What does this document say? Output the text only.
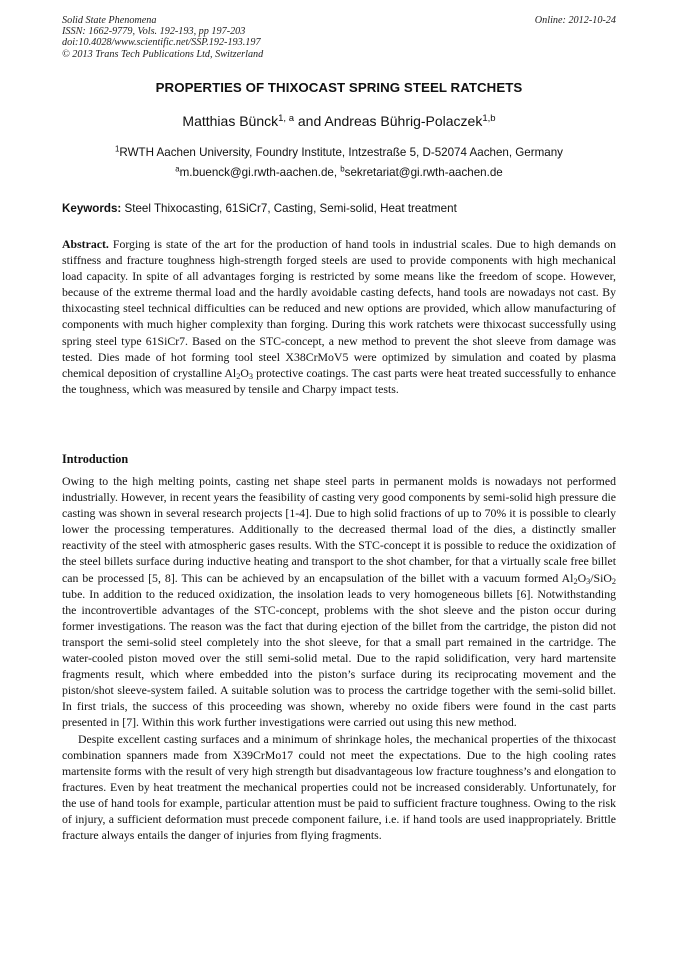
Solid State Phenomena
ISSN: 1662-9779, Vols. 192-193, pp 197-203
doi:10.4028/www.scientific.net/SSP.192-193.197
© 2013 Trans Tech Publications Ltd, Switzerland
Online: 2012-10-24
PROPERTIES OF THIXOCAST SPRING STEEL RATCHETS
Matthias Bünck$^{1, a}$ and Andreas Bührig-Polaczek$^{1,b}$
$^1$RWTH Aachen University, Foundry Institute, Intzestraße 5, D-52074 Aachen, Germany
$^a$m.buenck@gi.rwth-aachen.de, $^b$sekretariat@gi.rwth-aachen.de
Keywords: Steel Thixocasting, 61SiCr7, Casting, Semi-solid, Heat treatment
Abstract. Forging is state of the art for the production of hand tools in industrial scales. Due to high demands on stiffness and fracture toughness high-strength forged steels are used to provide components with high mechanical load capacity. In spite of all advantages forging is restricted by some means like the freedom of scope. However, because of the extreme thermal load and the hardly avoidable casting defects, hand tools are nowadays not cast. By thixocasting steel technical difficulties can be reduced and new options are provided, which allow manufacturing of components with much higher complexity than forging. During this work ratchets were thixocast successfully using spring steel type 61SiCr7. Based on the STC-concept, a new method to prevent the shot sleeve from damage was tested. Dies made of hot forming tool steel X38CrMoV5 were optimized by simulation and coated by plasma chemical deposition of crystalline $Al_2O_3$ protective coatings. The cast parts were heat treated successfully to enhance the toughness, which was measured by tensile and Charpy impact tests.
Introduction

Owing to the high melting points, casting net shape steel parts in permanent molds is nowadays not performed industrially. However, in recent years the feasibility of casting very good components by semi-solid high pressure die casting was shown in several research projects [1-4]. Due to high solid fractions of up to 70% it is possible to clearly lower the processing temperatures. Additionally to the decreased thermal load of the dies, a distinctly smaller reactivity of the steel with atmospheric gases results. With the STC-concept it is possible to reduce the oxidization of the steel billets surface during inductive heating and transport to the shot chamber, for that a virtually scale free billet can be processed [5, 8]. This can be achieved by an encapsulation of the billet with a vacuum formed $Al_2O_3/SiO_2$ tube. In addition to the reduced oxidization, the insolation leads to very homogeneous billets [6]. Notwithstanding the incontrovertible advantages of the STC-concept, problems with the shot sleeve and the piston occur during former investigations. The reason was the fact that during ejection of the billet from the cartridge, the piston did not transport the semi-solid steel completely into the shot sleeve, for that a small part remained in the cartridge. The water-cooled piston moved over the still semi-solid metal. Due to the rapid solidification, very hard martensite fragments result, which where embedded into the piston’s surface during its reciprocating movement and the piston/shot sleeve-system failed. A suitable solution was to process the cartridge together with the semi-solid billet. In first trials, the success of this proceeding was shown, whereby no oxide fibers were found in the cast parts presented in [7]. Within this work further investigations were carried out using this new method.

Despite excellent casting surfaces and a minimum of shrinkage holes, the mechanical properties of the thixocast combination spanners made from X39CrMo17 could not meet the expectations. Due to the high cooling rates martensite forms with the result of very high strength but disadvantageous low fracture toughness’s and elongation to fractures. Even by heat treatment the mechanical properties could not be increased considerably. Unfortunately, for the use of hand tools for example, particular attention must be paid to sufficient fracture toughness. Owing to the risk of injury, a sufficient deformation must precede component failure, i.e. if hand tools are used inappropriately. Brittle fracture always entails the danger of injuries from flying fragments.
